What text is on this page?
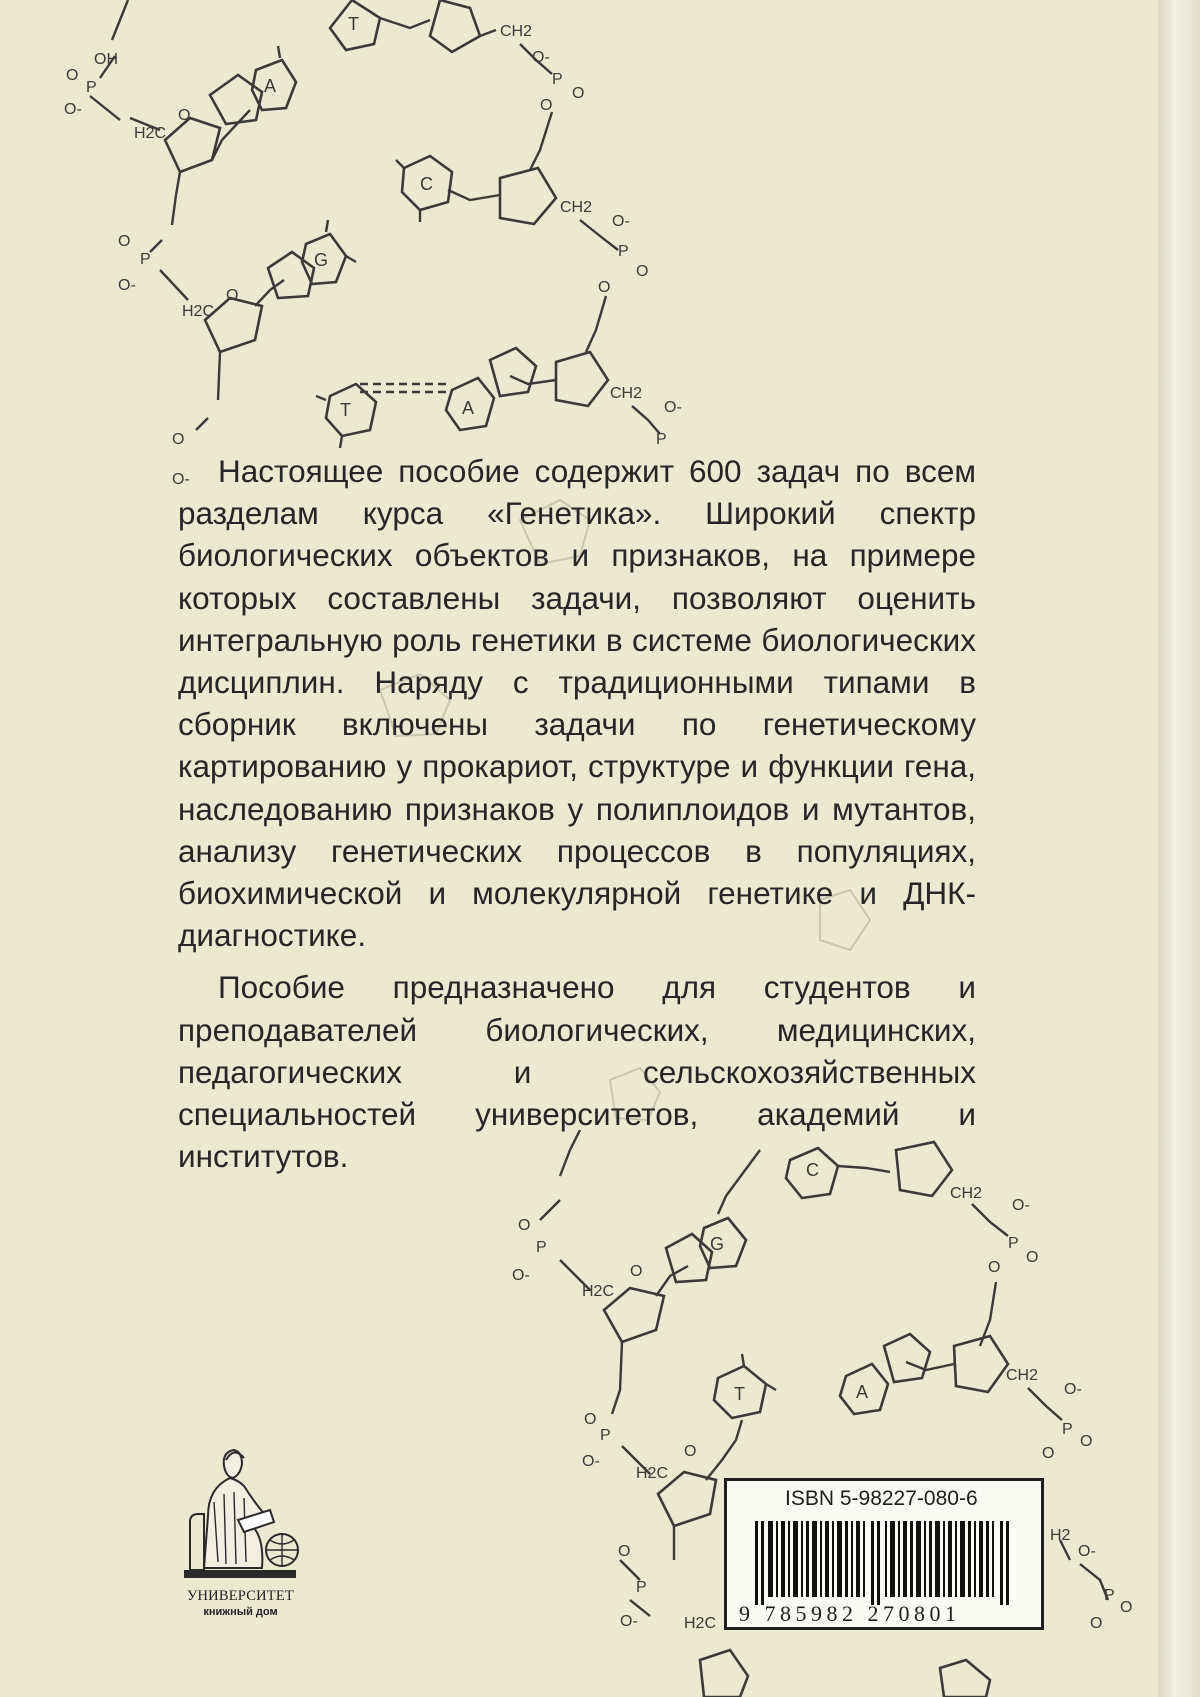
OH
O
P
O-
H2C
O
A
O
P
O-
H2C
O
G
O
O-
T	CH2
O-
P
O
O
C
CH2
O-
P
O
O
A
T
CH2
O-
P
O
P
O-
H2C
O
G
C
CH2
O-
P
O
O
A
CH2
O-
P
O
O
O
P
O-
H2C
O
T
O
P
O-	H2C
O-
P
O
O
H2

Настоящее пособие содержит 600 задач по всем разделам курса «Генетика». Широкий спектр биологических объектов и признаков, на примере которых составлены задачи, позволяют оценить интегральную роль генетики в системе биологических дисциплин. Наряду с традиционными типами в сборник включены задачи по генетическому картированию у прокариот, структуре и функции гена, наследованию признаков у полиплоидов и мутантов, анализу генетических процессов в популяциях, биохимической и молекулярной генетике и ДНК-диагностике.

Пособие предназначено для студентов и преподавателей биологических, медицинских, педагогических и сельскохозяйственных специальностей университетов, академий и институтов.

УНИВЕРСИТЕТ
книжный дом
ISBN 5-98227-080-6
9 785982 270801
